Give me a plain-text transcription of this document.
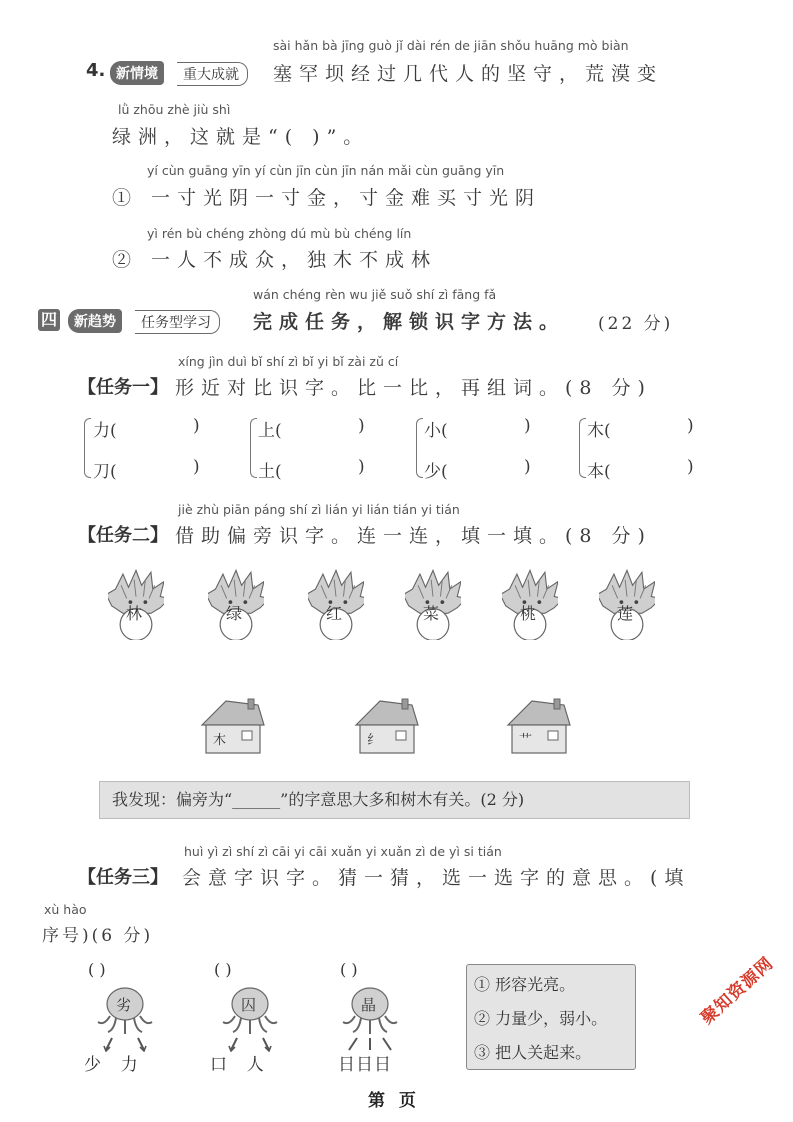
sài hǎn bà jīng guò jǐ dài rén de jiān shǒu huāng mò biàn
4. 新情境	重大成就	塞罕坝经过几代人的坚守，荒漠变
lǜ zhōu zhè jiù shì
绿洲，这就是“( )”。
yí cùn guāng yīn yí cùn jīn cùn jīn nán mǎi cùn guāng yīn
① 一寸光阴一寸金，寸金难买寸光阴
yì rén bù chéng zhòng dú mù bù chéng lín
② 一人不成众，独木不成林
wán chéng rèn wu jiě suǒ shí zì fāng fǎ
四	新趋势	任务型学习	完成任务，解锁识字方法。 (22 分)
xíng jìn duì bǐ shí zì bǐ yi bǐ zài zǔ cí
【任务一】 形近对比识字。比一比，再组词。(8 分)
力(	)
刀(	)
上(	)
土(	)
小(	)
少(	)
木(	)
本(	)
jiè zhù piān páng shí zì lián yi lián tián yi tián
【任务二】 借助偏旁识字。连一连，填一填。(8 分)
林	绿	红	菜	桃	莲
木	纟	艹
我发现：偏旁为“______”的字意思大多和树木有关。(2 分)
huì yì zì shí zì cāi yi cāi xuǎn yi xuǎn zì de yì si tián
【任务三】 会意字识字。猜一猜，选一选字的意思。(填
xù hào
序号)(6 分)
( )	( )	( )
劣	囚	晶
少  力	口  人	日日日
① 形容光亮。
② 力量少，弱小。
③ 把人关起来。
聚知资源网
第 页
